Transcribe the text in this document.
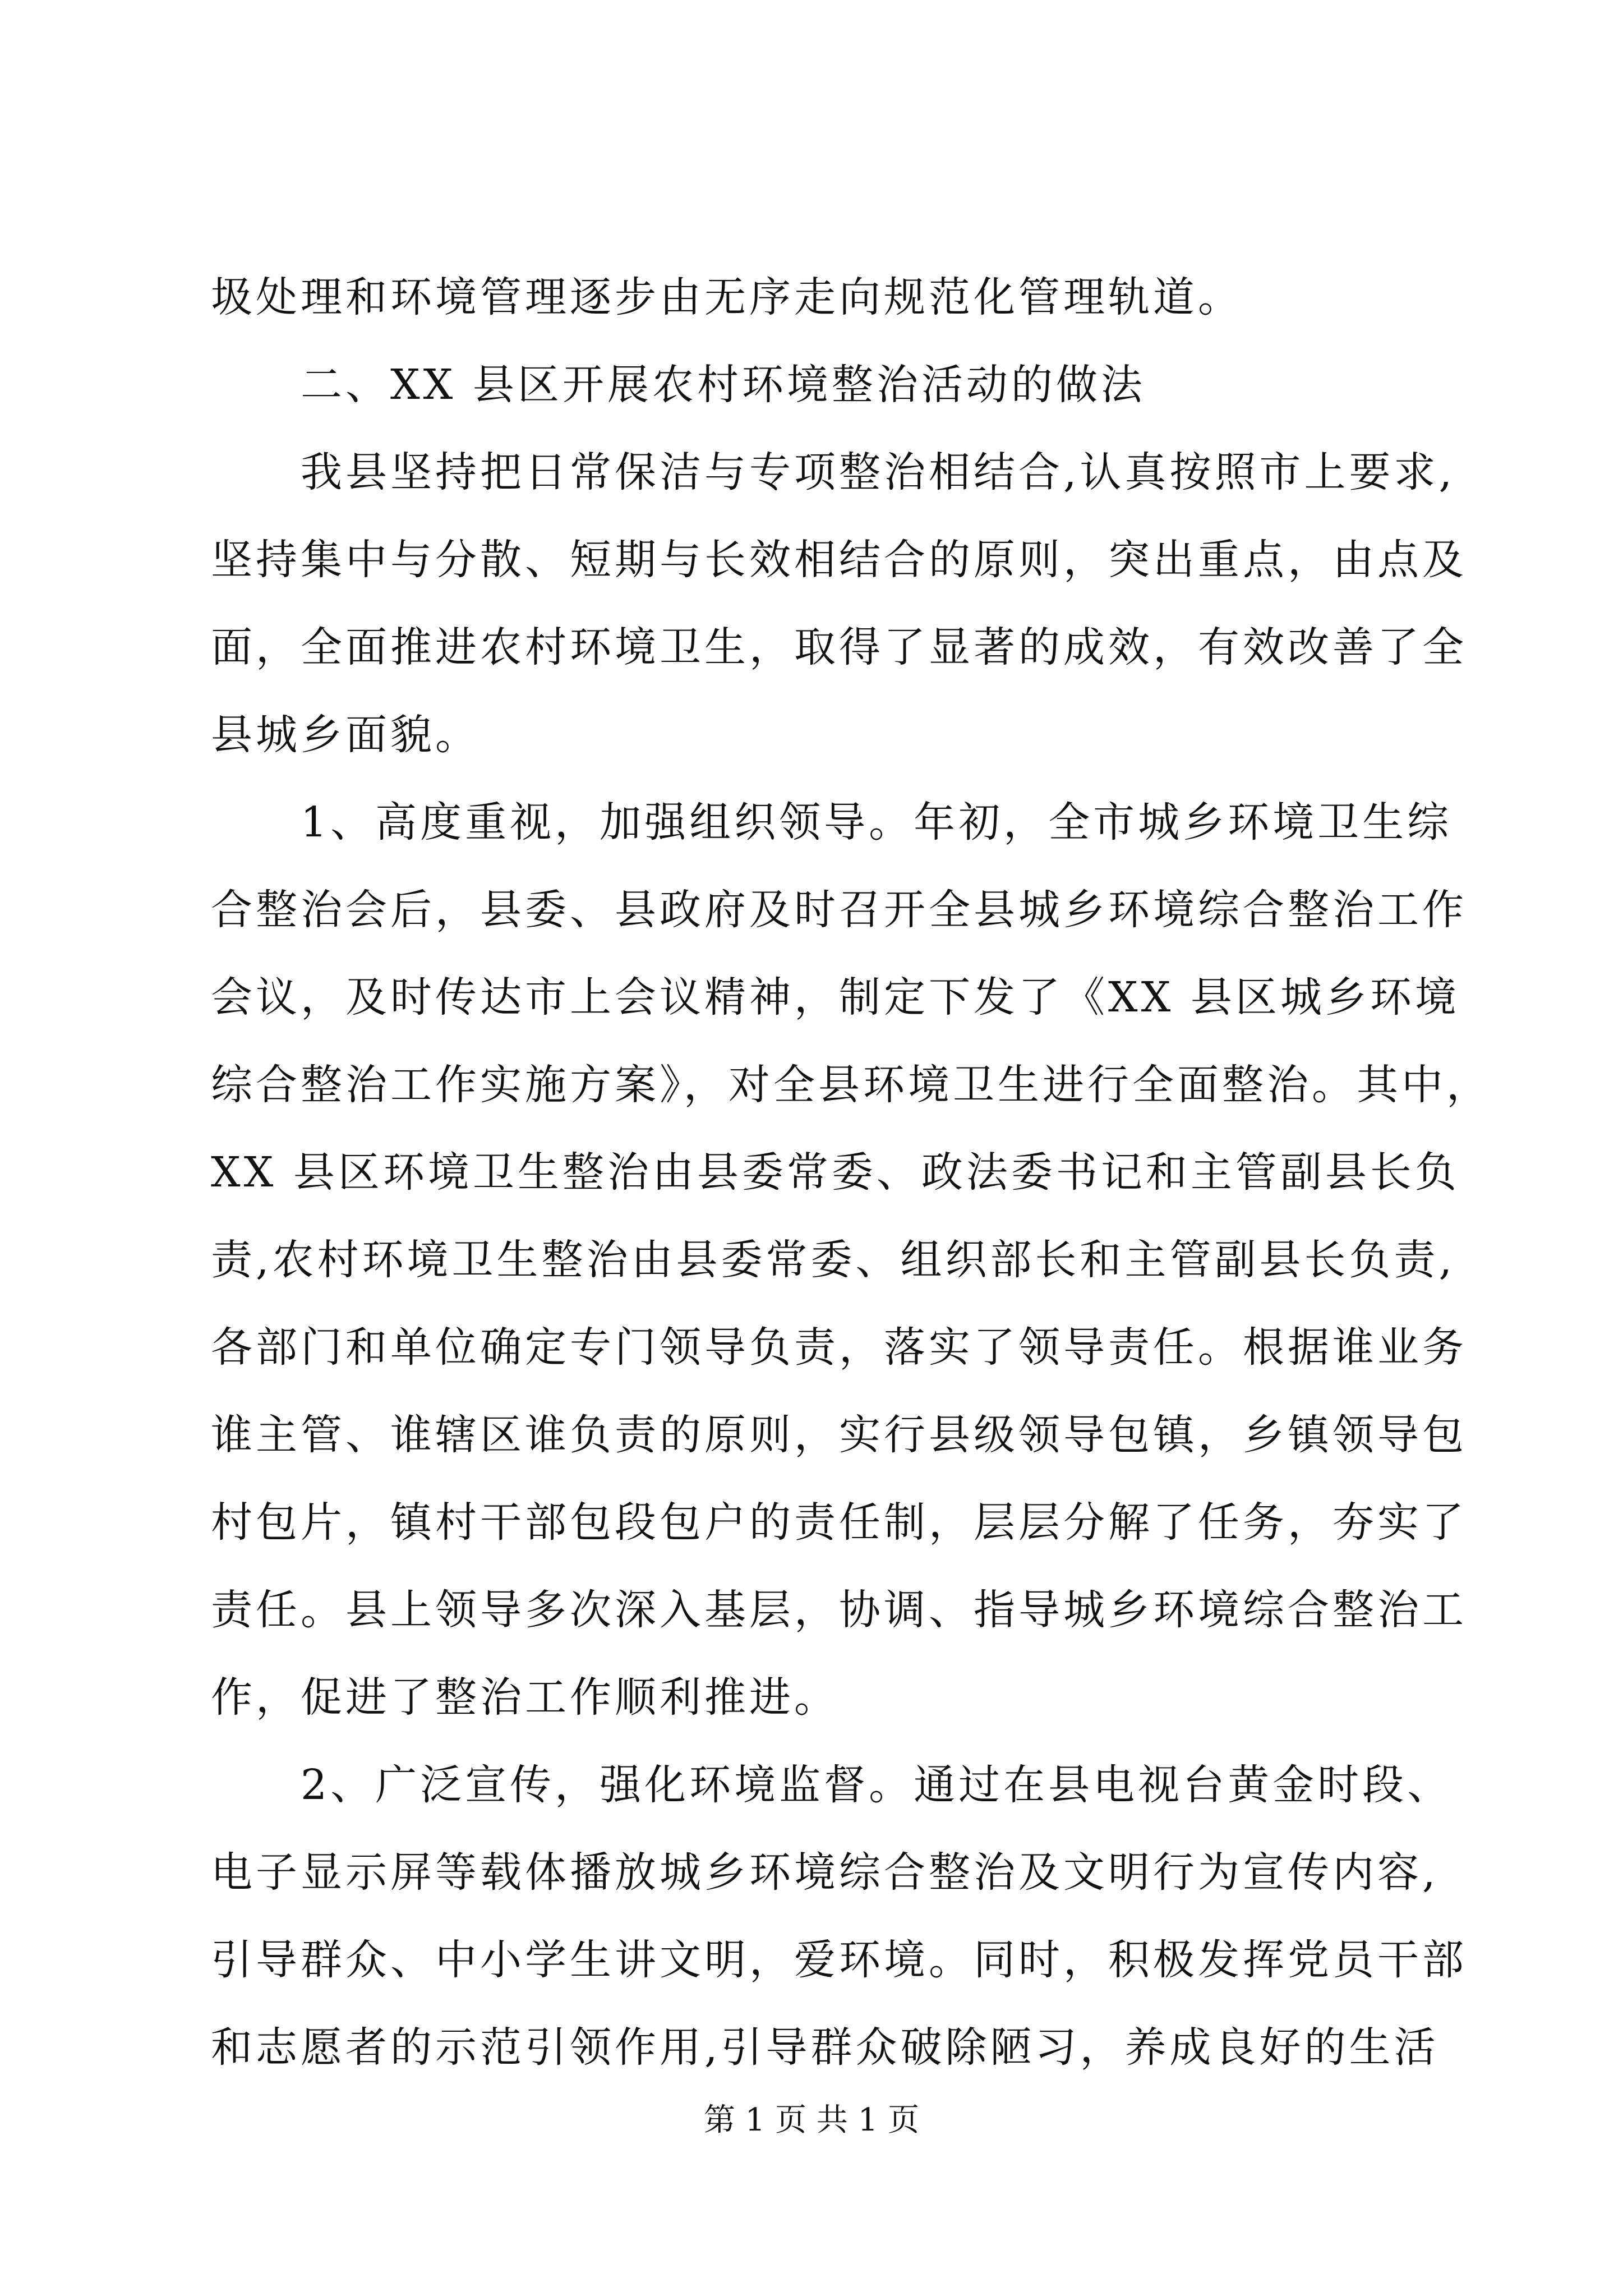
圾处理和环境管理逐步由无序走向规范化管理轨道。
二、XX 县区开展农村环境整治活动的做法
我县坚持把日常保洁与专项整治相结合,认真按照市上要求,
坚持集中与分散、短期与长效相结合的原则，突出重点，由点及
面，全面推进农村环境卫生，取得了显著的成效，有效改善了全
县城乡面貌。
1、高度重视，加强组织领导。年初，全市城乡环境卫生综
合整治会后，县委、县政府及时召开全县城乡环境综合整治工作
会议，及时传达市上会议精神，制定下发了《XX 县区城乡环境
综合整治工作实施方案》，对全县环境卫生进行全面整治。其中，
XX 县区环境卫生整治由县委常委、政法委书记和主管副县长负
责,农村环境卫生整治由县委常委、组织部长和主管副县长负责,
各部门和单位确定专门领导负责，落实了领导责任。根据谁业务
谁主管、谁辖区谁负责的原则，实行县级领导包镇，乡镇领导包
村包片，镇村干部包段包户的责任制，层层分解了任务，夯实了
责任。县上领导多次深入基层，协调、指导城乡环境综合整治工
作，促进了整治工作顺利推进。
2、广泛宣传，强化环境监督。通过在县电视台黄金时段、
电子显示屏等载体播放城乡环境综合整治及文明行为宣传内容,
引导群众、中小学生讲文明，爱环境。同时，积极发挥党员干部
第 1 页 共 1 页
和志愿者的示范引领作用,引导群众破除陋习，养成良好的生活
